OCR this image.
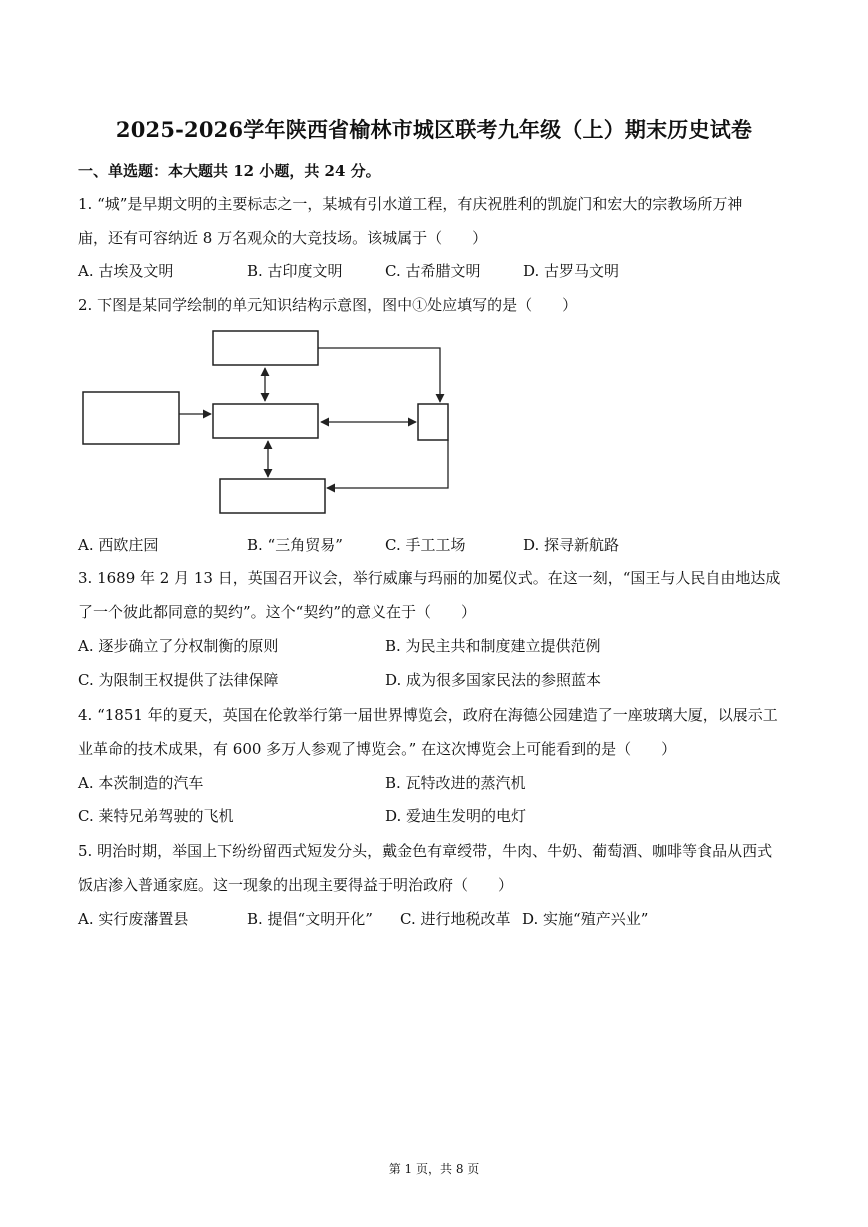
2025-2026学年陕西省榆林市城区联考九年级（上）期末历史试卷
一、单选题：本大题共 12 小题，共 24 分。
1. “城”是早期文明的主要标志之一，某城有引水道工程，有庆祝胜利的凯旋门和宏大的宗教场所万神
庙，还有可容纳近 8 万名观众的大竞技场。该城属于（　　）
A. 古埃及文明	B. 古印度文明	C. 古希腊文明	D. 古罗马文明
2. 下图是某同学绘制的单元知识结构示意图，图中①处应填写的是（　　）
A. 西欧庄园	B. “三角贸易”	C. 手工工场	D. 探寻新航路
3. 1689 年 2 月 13 日，英国召开议会，举行威廉与玛丽的加冕仪式。在这一刻，“国王与人民自由地达成
了一个彼此都同意的契约”。这个“契约”的意义在于（　　）
A. 逐步确立了分权制衡的原则	B. 为民主共和制度建立提供范例
C. 为限制王权提供了法律保障	D. 成为很多国家民法的参照蓝本
4. “1851 年的夏天，英国在伦敦举行第一届世界博览会，政府在海德公园建造了一座玻璃大厦，以展示工
业革命的技术成果，有 600 多万人参观了博览会。” 在这次博览会上可能看到的是（　　）
A. 本茨制造的汽车	B. 瓦特改进的蒸汽机
C. 莱特兄弟驾驶的飞机	D. 爱迪生发明的电灯
5. 明治时期，举国上下纷纷留西式短发分头，戴金色有章绶带，牛肉、牛奶、葡萄酒、咖啡等食品从西式
饭店渗入普通家庭。这一现象的出现主要得益于明治政府（　　）
A. 实行废藩置县	B. 提倡“文明开化” C. 进行地税改革 D. 实施“殖产兴业”
第 1 页，共 8 页
